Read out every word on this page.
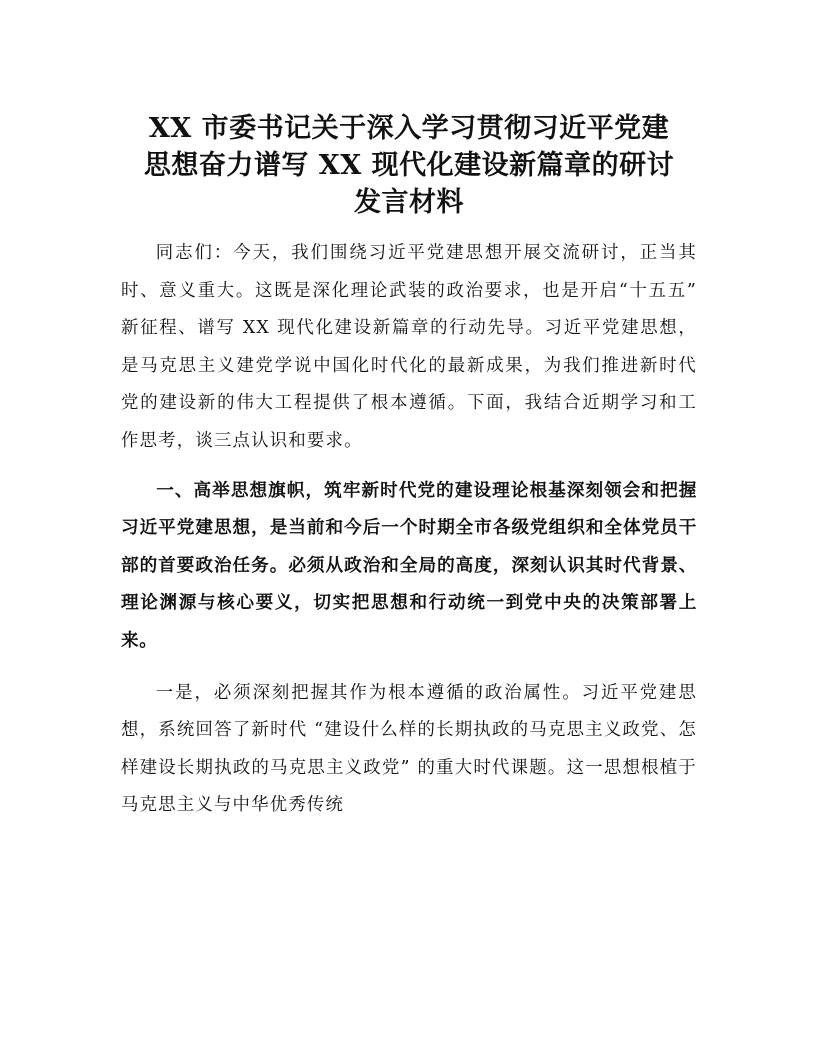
XX 市委书记关于深入学习贯彻习近平党建
思想奋力谱写 XX 现代化建设新篇章的研讨
发言材料

同志们：今天，我们围绕习近平党建思想开展交流研讨，正当其时、意义重大。这既是深化理论武装的政治要求，也是开启“十五五” 新征程、谱写 XX 现代化建设新篇章的行动先导。习近平党建思想，是马克思主义建党学说中国化时代化的最新成果，为我们推进新时代党的建设新的伟大工程提供了根本遵循。下面，我结合近期学习和工作思考，谈三点认识和要求。

一、高举思想旗帜，筑牢新时代党的建设理论根基深刻领会和把握习近平党建思想，是当前和今后一个时期全市各级党组织和全体党员干部的首要政治任务。必须从政治和全局的高度，深刻认识其时代背景、理论渊源与核心要义，切实把思想和行动统一到党中央的决策部署上来。

一是，必须深刻把握其作为根本遵循的政治属性。习近平党建思想，系统回答了新时代 “建设什么样的长期执政的马克思主义政党、怎样建设长期执政的马克思主义政党” 的重大时代课题。这一思想根植于马克思主义与中华优秀传统
